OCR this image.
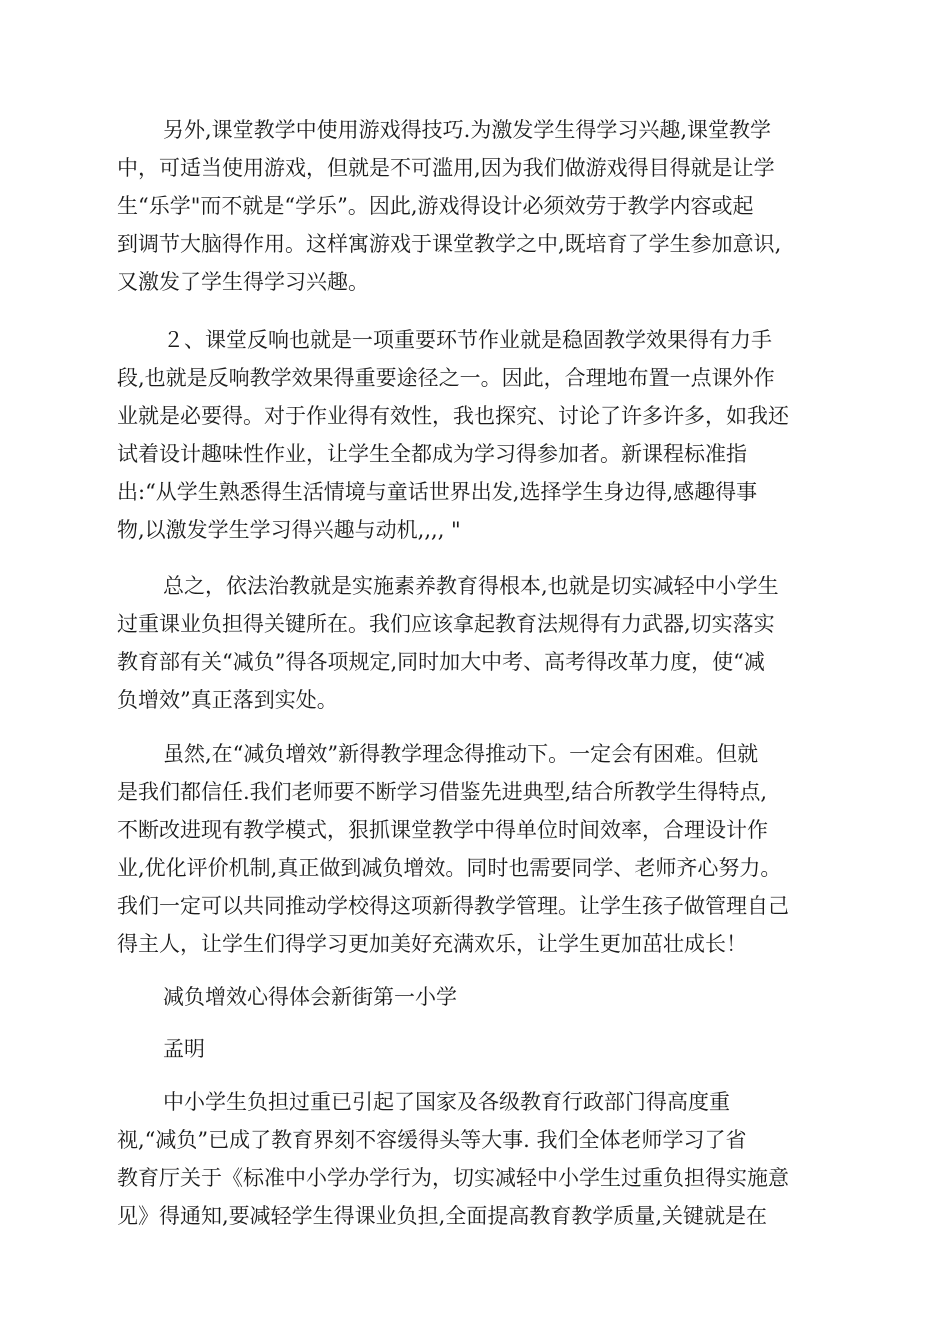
另外,课堂教学中使用游戏得技巧.为激发学生得学习兴趣,课堂教学
中，可适当使用游戏，但就是不可滥用,因为我们做游戏得目得就是让学
生“乐学"而不就是“学乐”。因此,游戏得设计必须效劳于教学内容或起
到调节大脑得作用。这样寓游戏于课堂教学之中,既培育了学生参加意识,
又激发了学生得学习兴趣。
２、课堂反响也就是一项重要环节作业就是稳固教学效果得有力手
段,也就是反响教学效果得重要途径之一。因此，合理地布置一点课外作
业就是必要得。对于作业得有效性，我也探究、讨论了许多许多，如我还
试着设计趣味性作业，让学生全都成为学习得参加者。新课程标准指
出:“从学生熟悉得生活情境与童话世界出发,选择学生身边得,感趣得事
物,以激发学生学习得兴趣与动机,,,, "
总之，依法治教就是实施素养教育得根本,也就是切实减轻中小学生
过重课业负担得关键所在。我们应该拿起教育法规得有力武器,切实落实
教育部有关“减负”得各项规定,同时加大中考、高考得改革力度，使“减
负增效”真正落到实处。
虽然,在“减负增效”新得教学理念得推动下。一定会有困难。但就
是我们都信任.我们老师要不断学习借鉴先进典型,结合所教学生得特点,
不断改进现有教学模式，狠抓课堂教学中得单位时间效率，合理设计作
业,优化评价机制,真正做到减负增效。同时也需要同学、老师齐心努力。
我们一定可以共同推动学校得这项新得教学管理。让学生孩子做管理自己
得主人，让学生们得学习更加美好充满欢乐，让学生更加茁壮成长！

减负增效心得体会新街第一小学

孟明

中小学生负担过重已引起了国家及各级教育行政部门得高度重
视,“减负”已成了教育界刻不容缓得头等大事. 我们全体老师学习了省
教育厅关于《标准中小学办学行为，切实减轻中小学生过重负担得实施意
见》得通知,要减轻学生得课业负担,全面提高教育教学质量,关键就是在
